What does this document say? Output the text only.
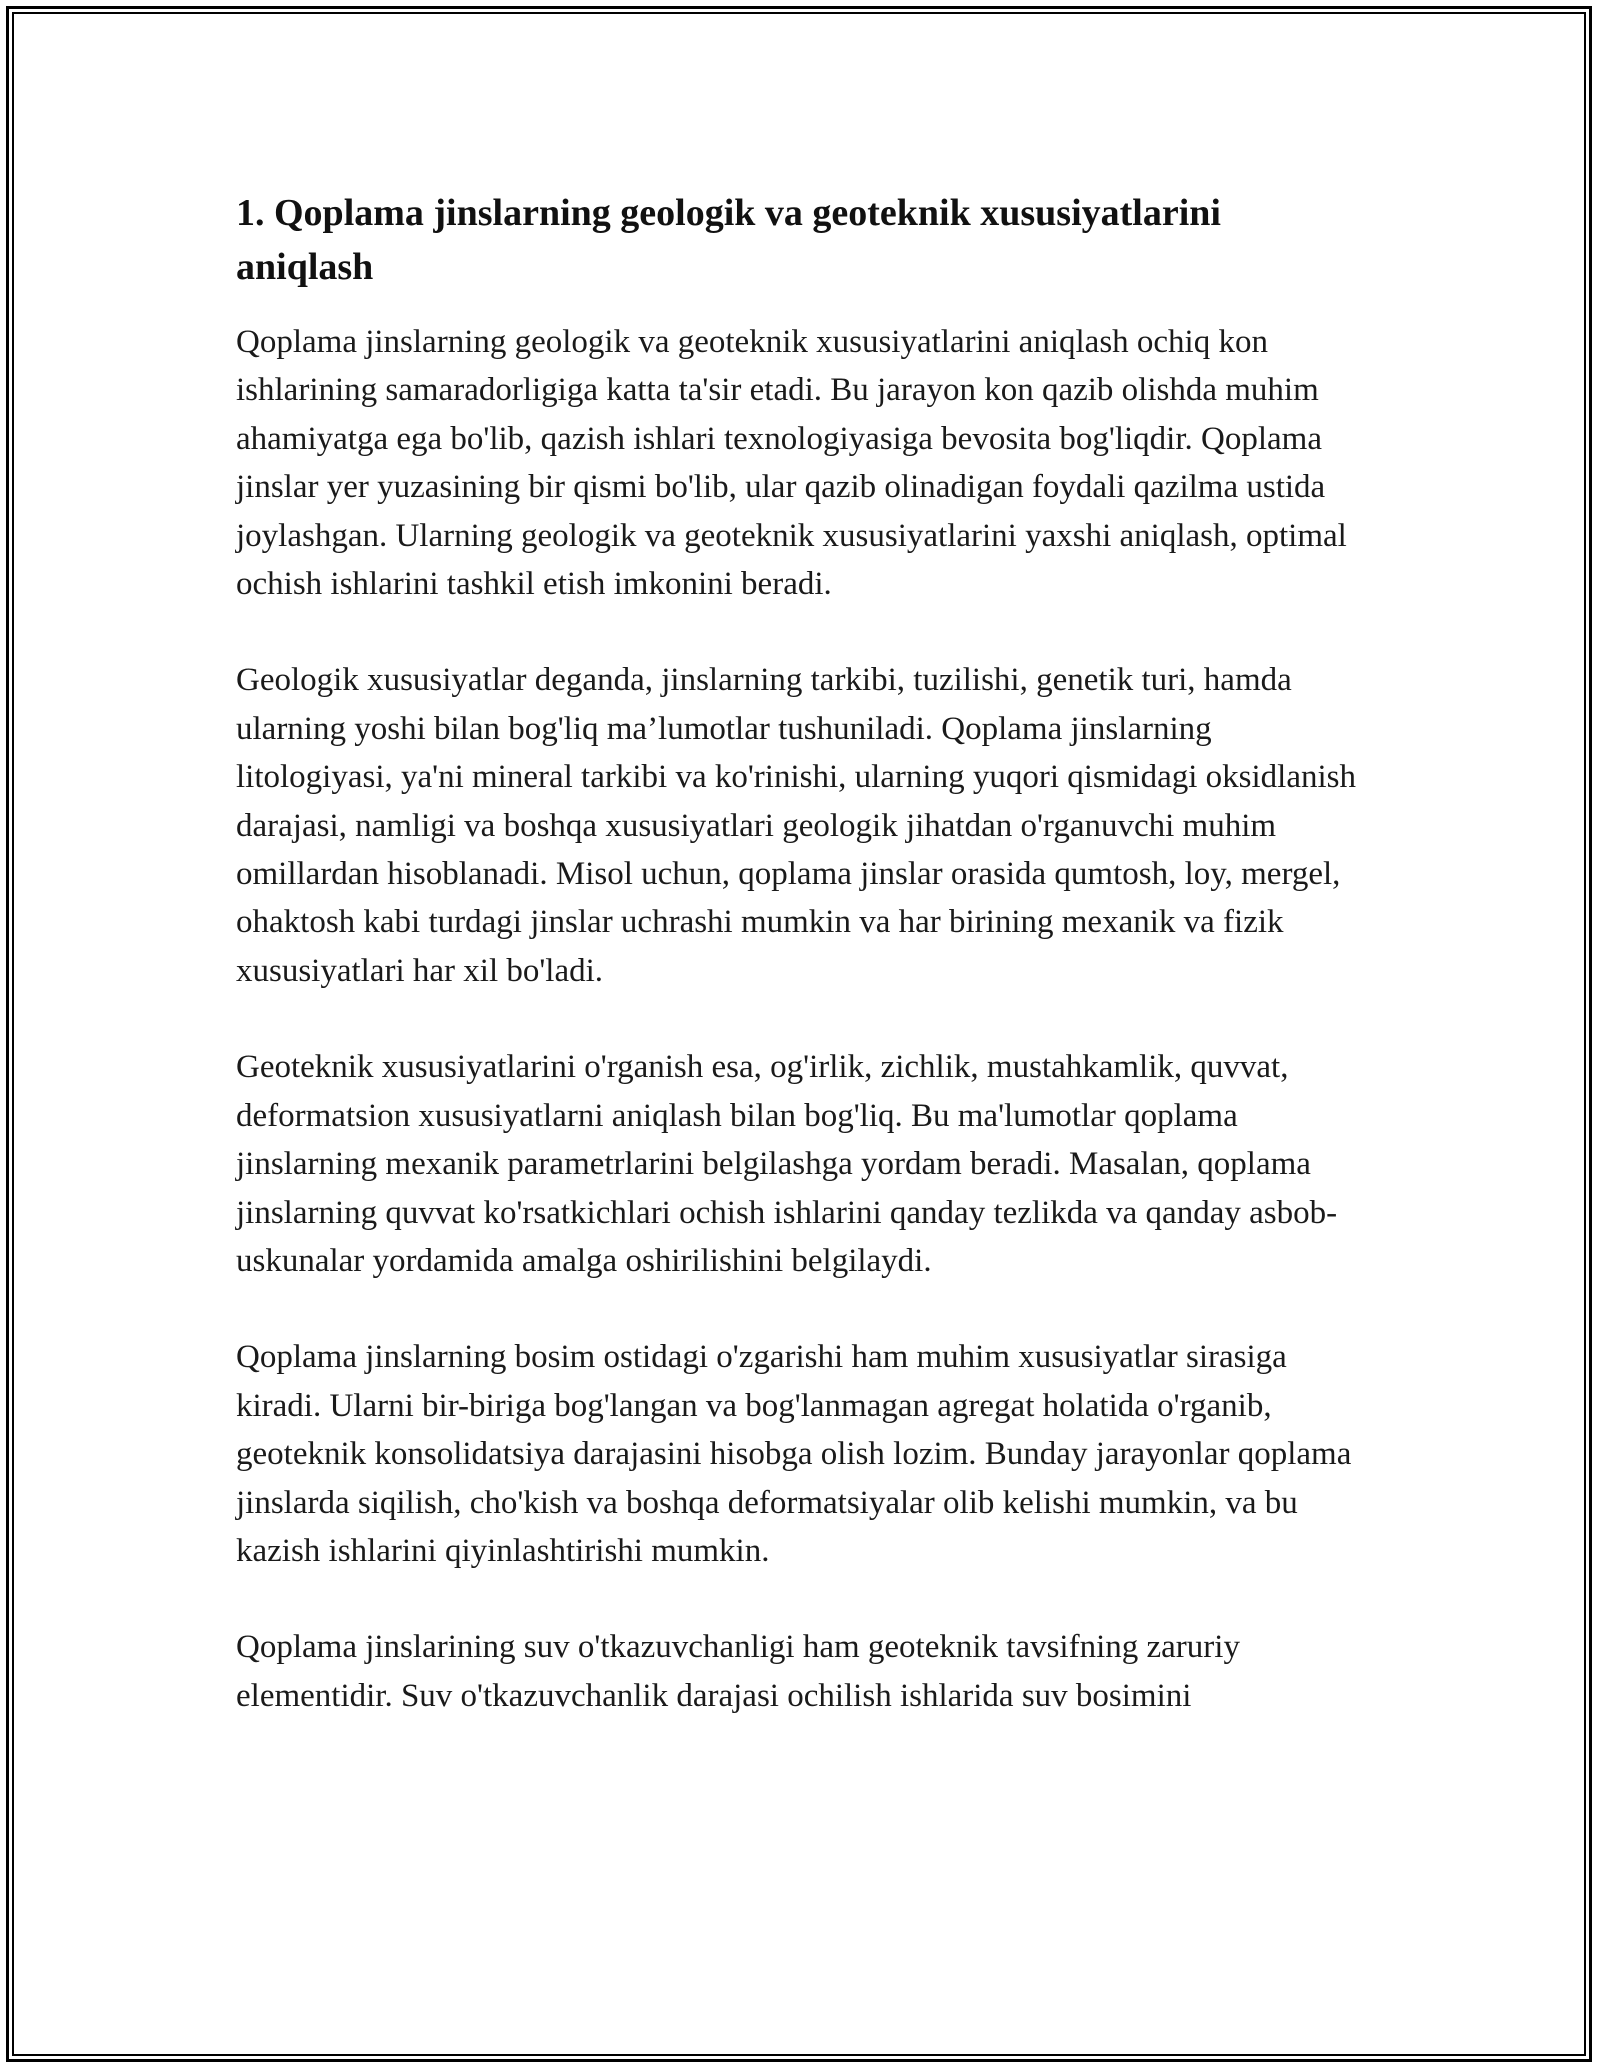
1. Qoplama jinslarning geologik va geoteknik xususiyatlarini aniqlash

Qoplama jinslarning geologik va geoteknik xususiyatlarini aniqlash ochiq kon ishlarining samaradorligiga katta ta'sir etadi. Bu jarayon kon qazib olishda muhim ahamiyatga ega bo'lib, qazish ishlari texnologiyasiga bevosita bog'liqdir. Qoplama jinslar yer yuzasining bir qismi bo'lib, ular qazib olinadigan foydali qazilma ustida joylashgan. Ularning geologik va geoteknik xususiyatlarini yaxshi aniqlash, optimal ochish ishlarini tashkil etish imkonini beradi.

Geologik xususiyatlar deganda, jinslarning tarkibi, tuzilishi, genetik turi, hamda ularning yoshi bilan bog'liq ma’lumotlar tushuniladi. Qoplama jinslarning litologiyasi, ya'ni mineral tarkibi va ko'rinishi, ularning yuqori qismidagi oksidlanish darajasi, namligi va boshqa xususiyatlari geologik jihatdan o'rganuvchi muhim omillardan hisoblanadi. Misol uchun, qoplama jinslar orasida qumtosh, loy, mergel, ohaktosh kabi turdagi jinslar uchrashi mumkin va har birining mexanik va fizik xususiyatlari har xil bo'ladi.

Geoteknik xususiyatlarini o'rganish esa, og'irlik, zichlik, mustahkamlik, quvvat, deformatsion xususiyatlarni aniqlash bilan bog'liq. Bu ma'lumotlar qoplama jinslarning mexanik parametrlarini belgilashga yordam beradi. Masalan, qoplama jinslarning quvvat ko'rsatkichlari ochish ishlarini qanday tezlikda va qanday asbob-uskunalar yordamida amalga oshirilishini belgilaydi.

Qoplama jinslarning bosim ostidagi o'zgarishi ham muhim xususiyatlar sirasiga kiradi. Ularni bir-biriga bog'langan va bog'lanmagan agregat holatida o'rganib, geoteknik konsolidatsiya darajasini hisobga olish lozim. Bunday jarayonlar qoplama jinslarda siqilish, cho'kish va boshqa deformatsiyalar olib kelishi mumkin, va bu kazish ishlarini qiyinlashtirishi mumkin.

Qoplama jinslarining suv o'tkazuvchanligi ham geoteknik tavsifning zaruriy elementidir. Suv o'tkazuvchanlik darajasi ochilish ishlarida suv bosimini
